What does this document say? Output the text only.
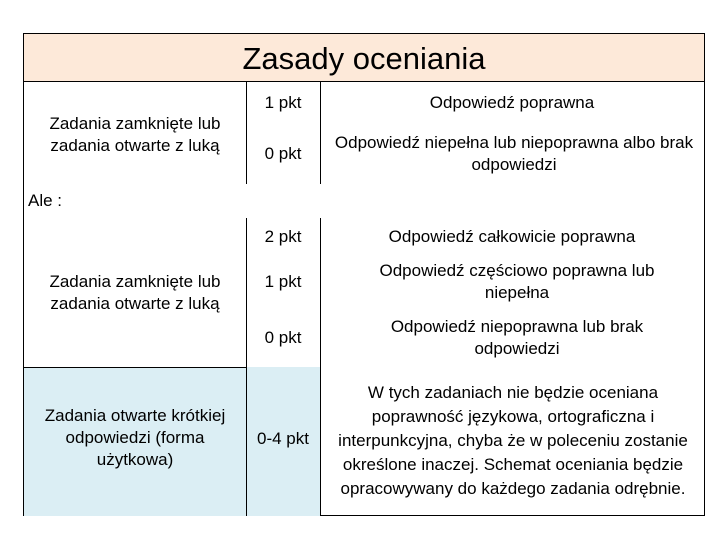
Zasady oceniania
Zadania zamknięte lub zadania otwarte z luką
1 pkt	Odpowiedź poprawna
0 pkt
Odpowiedź niepełna lub niepoprawna albo brak odpowiedzi
Ale :
Zadania zamknięte lub zadania otwarte z luką
2 pkt	Odpowiedź całkowicie poprawna
1 pkt
Odpowiedź częściowo poprawna lub niepełna
0 pkt
Odpowiedź niepoprawna lub brak odpowiedzi
Zadania otwarte krótkiej odpowiedzi (forma użytkowa)
0-4 pkt
W tych zadaniach nie będzie oceniana poprawność językowa, ortograficzna i interpunkcyjna, chyba że w poleceniu zostanie określone inaczej. Schemat oceniania będzie opracowywany do każdego zadania odrębnie.
